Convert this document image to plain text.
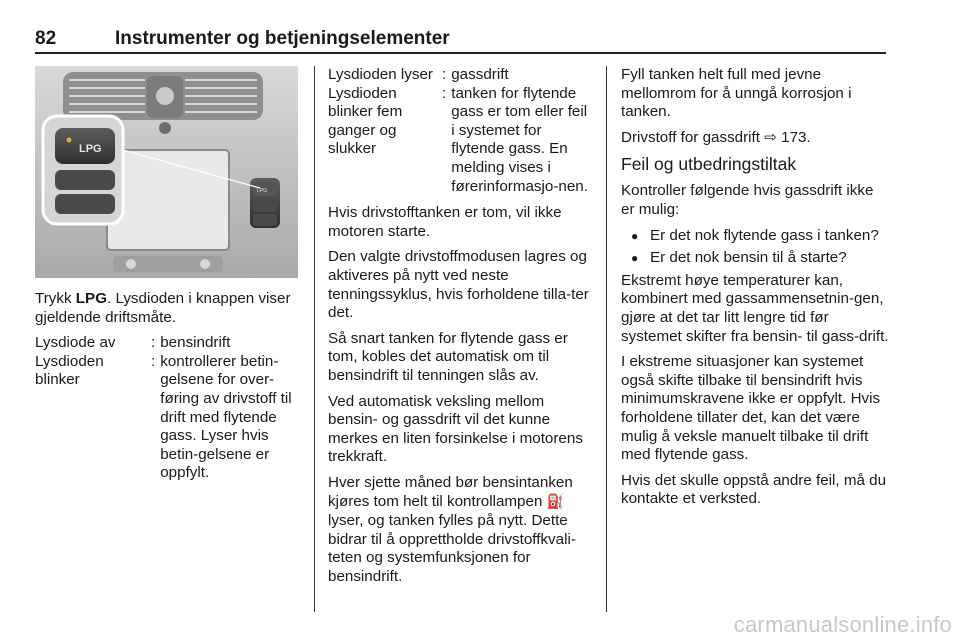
82	Instrumenter og betjeningselementer
LPG
LPG

Trykk LPG. Lysdioden i knappen viser gjeldende driftsmåte.

Lysdiode av	:	bensindrift
Lysdioden blinker	:	kontrollerer betin-gelsene for over-føring av drivstoff til drift med flytende gass. Lyser hvis betin-gelsene er oppfylt.
Lysdioden lyser	:	gassdrift
Lysdioden blinker fem ganger og slukker	:	tanken for flytende gass er tom eller feil i systemet for flytende gass. En melding vises i førerinformasjo-nen.

Hvis drivstofftanken er tom, vil ikke motoren starte.

Den valgte drivstoffmodusen lagres og aktiveres på nytt ved neste tenningssyklus, hvis forholdene tilla-ter det.

Så snart tanken for flytende gass er tom, kobles det automatisk om til bensindrift til tenningen slås av.

Ved automatisk veksling mellom bensin- og gassdrift vil det kunne merkes en liten forsinkelse i motorens trekkraft.

Hver sjette måned bør bensintanken kjøres tom helt til kontrollampen ⛽ lyser, og tanken fylles på nytt. Dette bidrar til å opprettholde drivstoffkvali-teten og systemfunksjonen for bensindrift.

Fyll tanken helt full med jevne mellomrom for å unngå korrosjon i tanken.

Drivstoff for gassdrift ⇨ 173.

Feil og utbedringstiltak

Kontroller følgende hvis gassdrift ikke er mulig:

● Er det nok flytende gass i tanken?
● Er det nok bensin til å starte?

Ekstremt høye temperaturer kan, kombinert med gassammensetnin-gen, gjøre at det tar litt lengre tid før systemet skifter fra bensin- til gass-drift.

I ekstreme situasjoner kan systemet også skifte tilbake til bensindrift hvis minimumskravene ikke er oppfylt. Hvis forholdene tillater det, kan det være mulig å veksle manuelt tilbake til drift med flytende gass.

Hvis det skulle oppstå andre feil, må du kontakte et verksted.

carmanualsonline.info
